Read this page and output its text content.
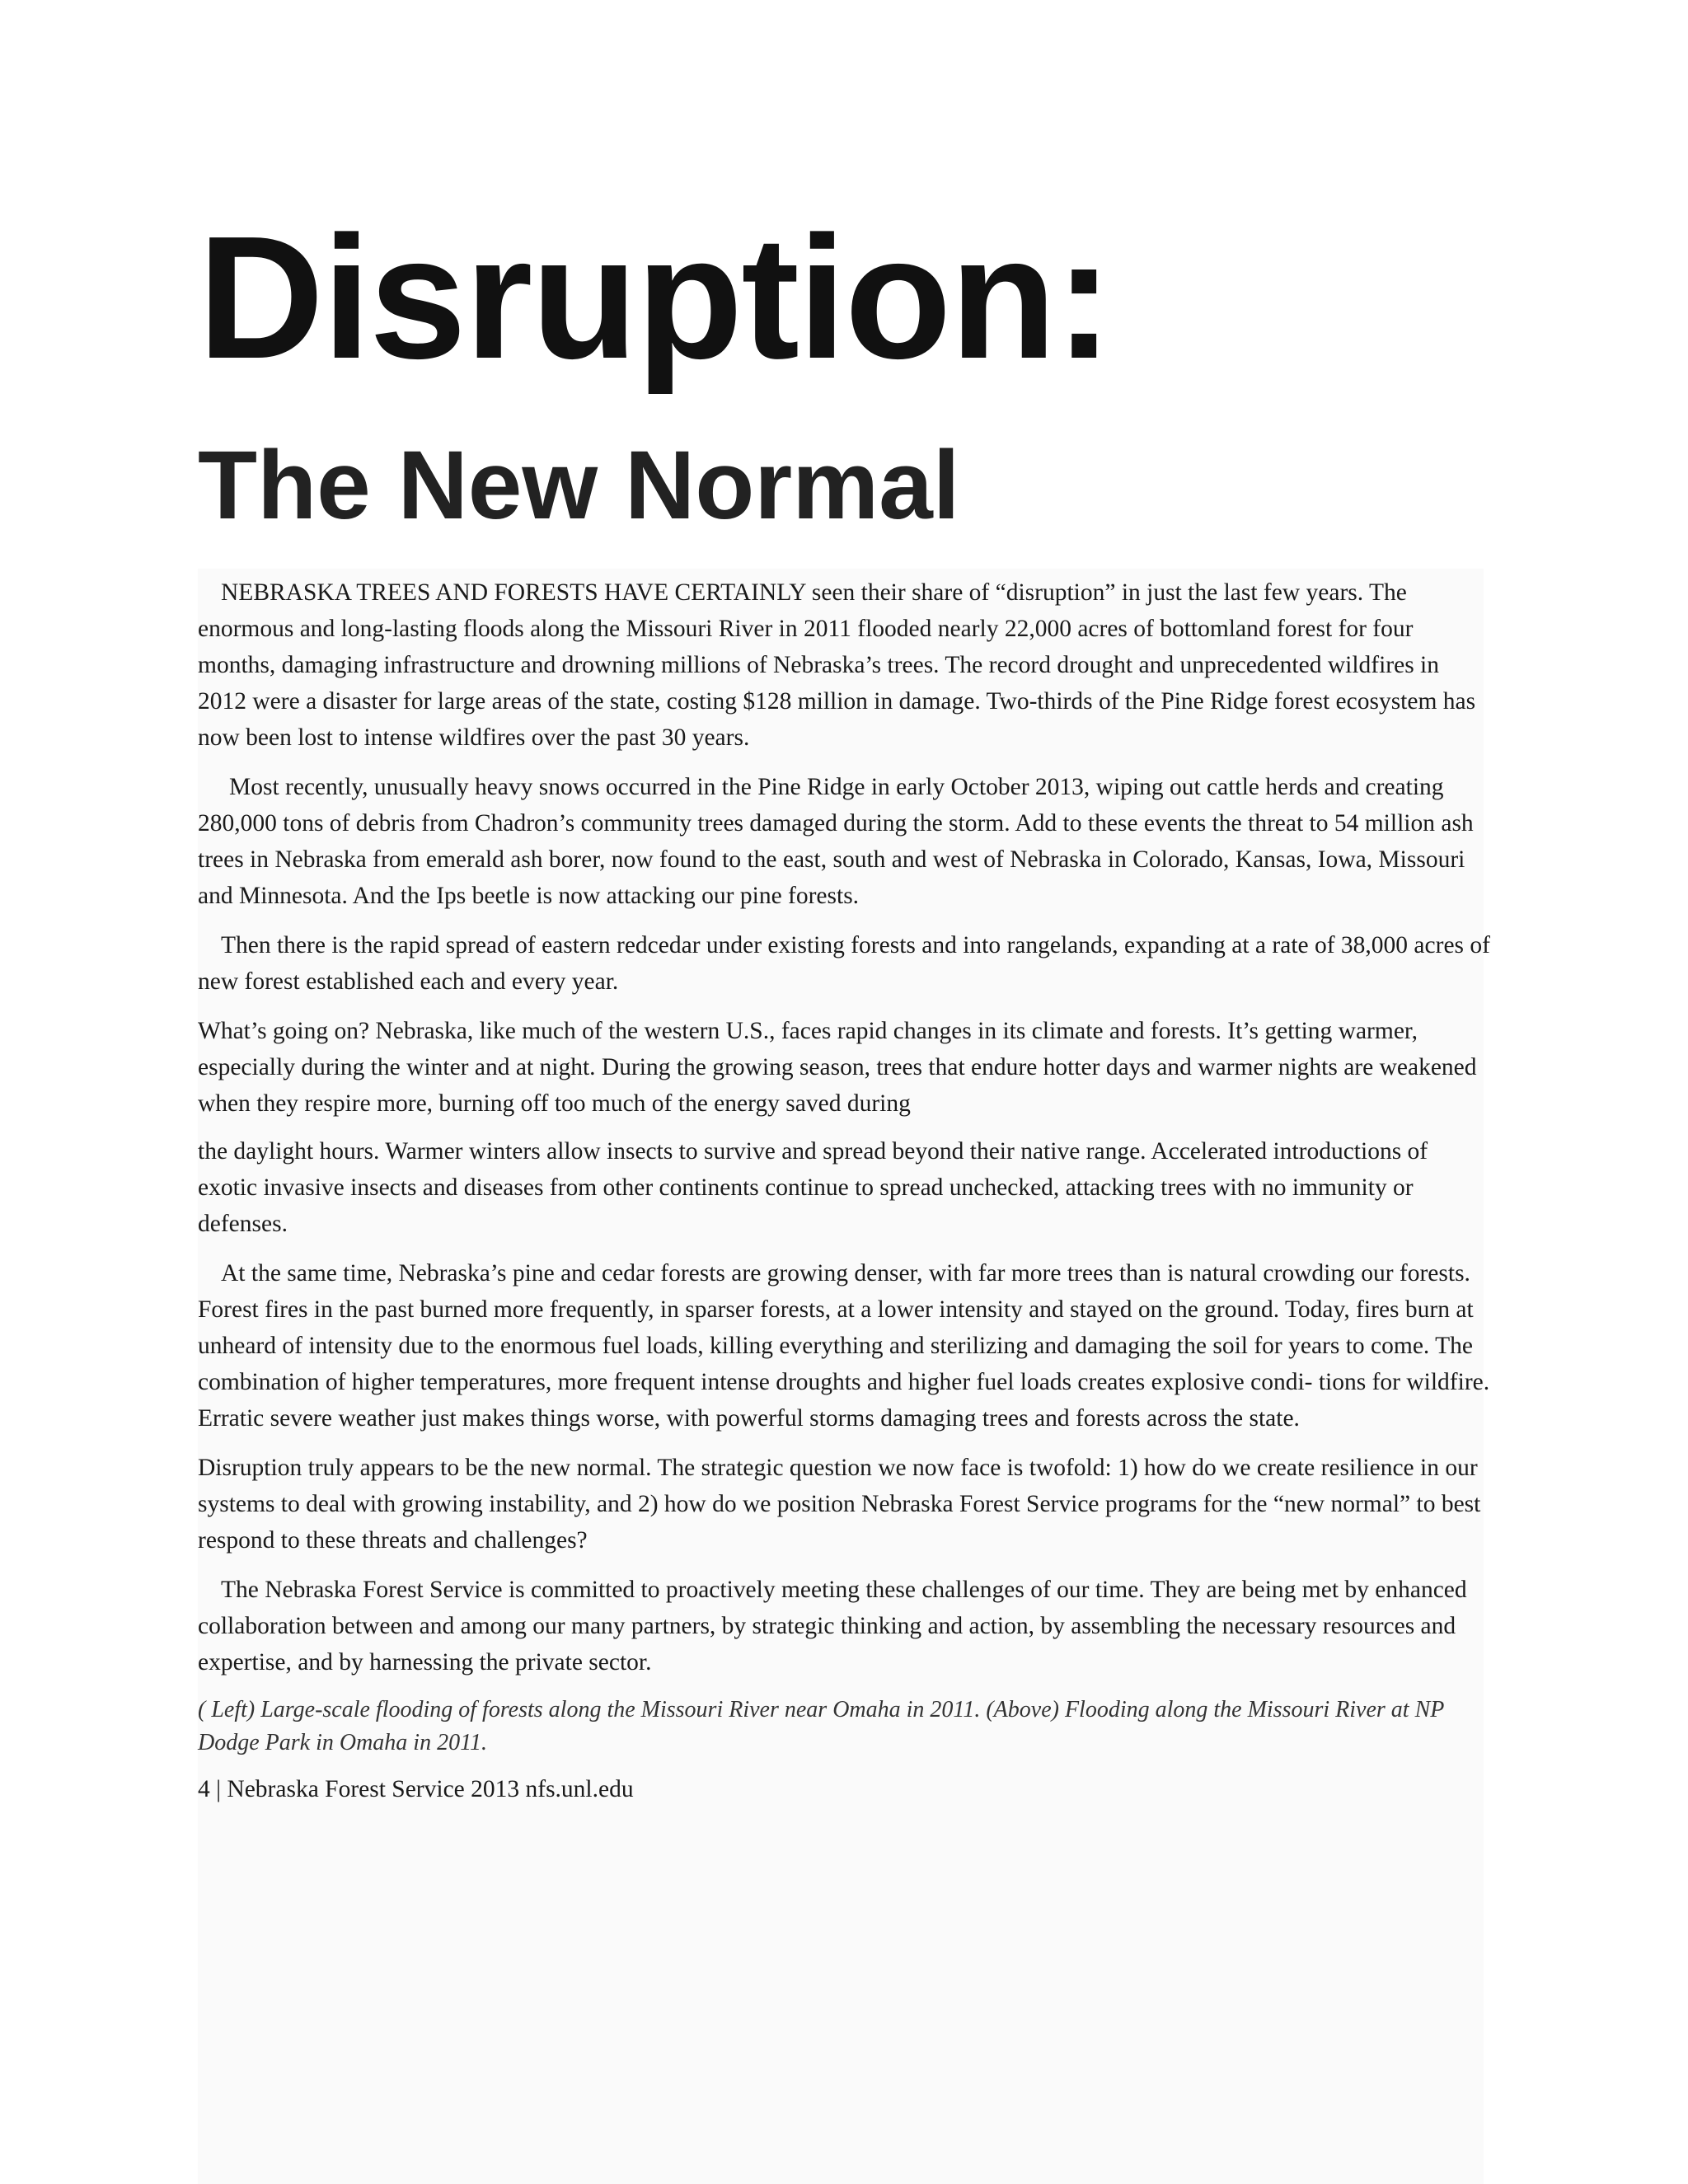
Disruption:
The New Normal

NEBRASKA TREES AND FORESTS HAVE CERTAINLY seen their share of “disruption” in just the last few years. The enormous and long-lasting floods along the Missouri River in 2011 flooded nearly 22,000 acres of bottomland forest for four months, damaging infrastructure and drowning millions of Nebraska’s trees. The record drought and unprecedented wildfires in 2012 were a disaster for large areas of the state, costing $128 million in damage. Two-thirds of the Pine Ridge forest ecosystem has now been lost to intense wildfires over the past 30 years.

Most recently, unusually heavy snows occurred in the Pine Ridge in early October 2013, wiping out cattle herds and creating 280,000 tons of debris from Chadron’s community trees damaged during the storm. Add to these events the threat to 54 million ash trees in Nebraska from emerald ash borer, now found to the east, south and west of Nebraska in Colorado, Kansas, Iowa, Missouri and Minnesota. And the Ips beetle is now attacking our pine forests.

Then there is the rapid spread of eastern redcedar under existing forests and into rangelands, expanding at a rate of 38,000 acres of new forest established each and every year.

What’s going on? Nebraska, like much of the western U.S., faces rapid changes in its climate and forests. It’s getting warmer, especially during the winter and at night. During the growing season, trees that endure hotter days and warmer nights are weakened when they respire more, burning off too much of the energy saved during

the daylight hours. Warmer winters allow insects to survive and spread beyond their native range. Accelerated introductions of exotic invasive insects and diseases from other continents continue to spread unchecked, attacking trees with no immunity or defenses.

At the same time, Nebraska’s pine and cedar forests are growing denser, with far more trees than is natural crowding our forests. Forest fires in the past burned more frequently, in sparser forests, at a lower intensity and stayed on the ground. Today, fires burn at unheard of intensity due to the enormous fuel loads, killing everything and sterilizing and damaging the soil for years to come. The combination of higher temperatures, more frequent intense droughts and higher fuel loads creates explosive condi- tions for wildfire. Erratic severe weather just makes things worse, with powerful storms damaging trees and forests across the state.

Disruption truly appears to be the new normal. The strategic question we now face is twofold: 1) how do we create resilience in our systems to deal with growing instability, and 2) how do we position Nebraska Forest Service programs for the “new normal” to best respond to these threats and challenges?

The Nebraska Forest Service is committed to proactively meeting these challenges of our time. They are being met by enhanced collaboration between and among our many partners, by strategic thinking and action, by assembling the necessary resources and expertise, and by harnessing the private sector.

( Left) Large-scale flooding of forests along the Missouri River near Omaha in 2011. (Above) Flooding along the Missouri River at NP Dodge Park in Omaha in 2011.

4 | Nebraska Forest Service 2013 nfs.unl.edu
